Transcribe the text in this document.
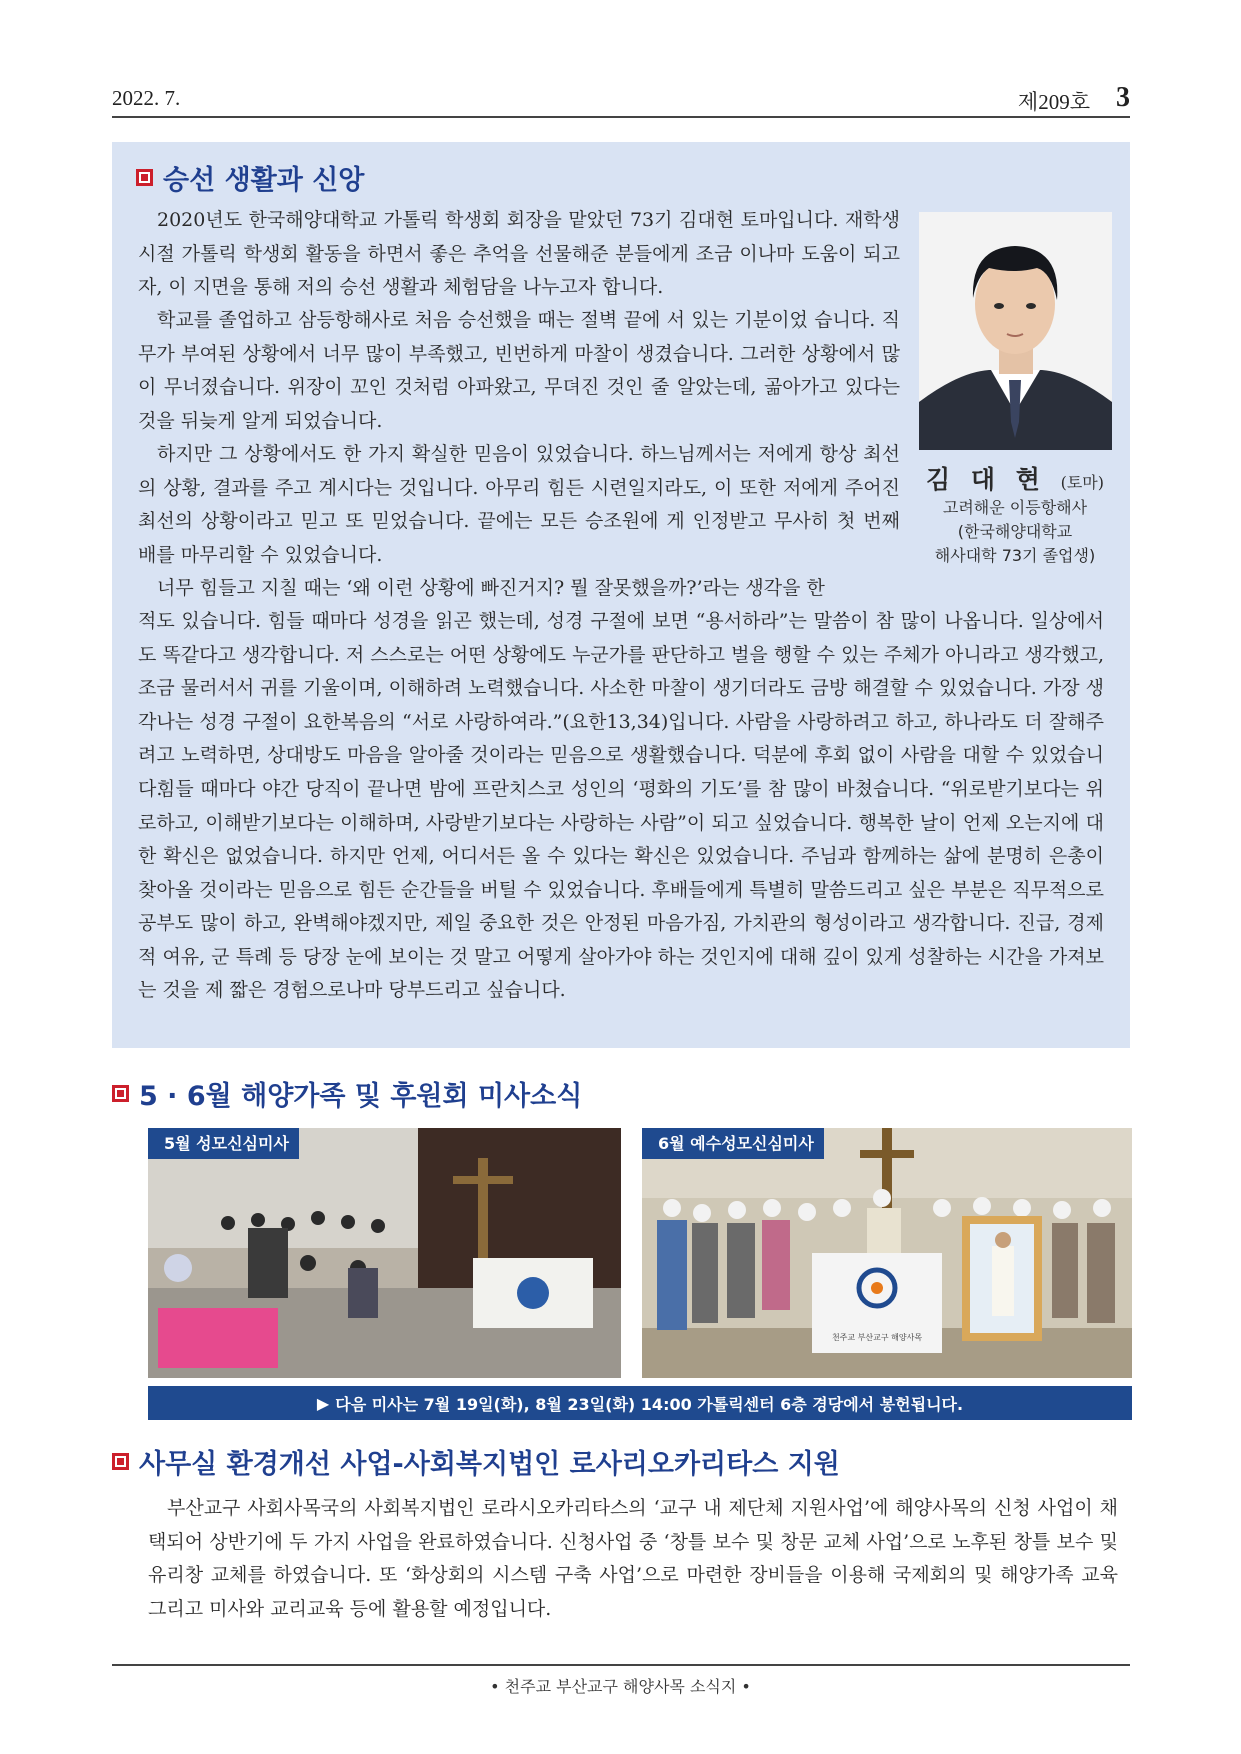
2022. 7.	제209호 3
승선 생활과 신앙

2020년도 한국해양대학교 가톨릭 학생회 회장을 맡았던 73기 김대현 토마입니다. 재학생 시절 가톨릭 학생회 활동을 하면서 좋은 추억을 선물해준 분들에게 조금 이나마 도움이 되고자, 이 지면을 통해 저의 승선 생활과 체험담을 나누고자 합니다.

학교를 졸업하고 삼등항해사로 처음 승선했을 때는 절벽 끝에 서 있는 기분이었 습니다. 직무가 부여된 상황에서 너무 많이 부족했고, 빈번하게 마찰이 생겼습니다. 그러한 상황에서 많이 무너졌습니다. 위장이 꼬인 것처럼 아파왔고, 무뎌진 것인 줄 알았는데, 곪아가고 있다는 것을 뒤늦게 알게 되었습니다.

하지만 그 상황에서도 한 가지 확실한 믿음이 있었습니다. 하느님께서는 저에게 항상 최선의 상황, 결과를 주고 계시다는 것입니다. 아무리 힘든 시련일지라도, 이 또한 저에게 주어진 최선의 상황이라고 믿고 또 믿었습니다. 끝에는 모든 승조원에 게 인정받고 무사히 첫 번째 배를 마무리할 수 있었습니다.

너무 힘들고 지칠 때는 ‘왜 이런 상황에 빠진거지? 뭘 잘못했을까?’라는 생각을 한

적도 있습니다. 힘들 때마다 성경을 읽곤 했는데, 성경 구절에 보면 “용서하라”는 말씀이 참 많이 나옵니다. 일상에서도 똑같다고 생각합니다. 저 스스로는 어떤 상황에도 누군가를 판단하고 벌을 행할 수 있는 주체가 아니라고 생각했고, 조금 물러서서 귀를 기울이며, 이해하려 노력했습니다. 사소한 마찰이 생기더라도 금방 해결할 수 있었습니다. 가장 생각나는 성경 구절이 요한복음의 “서로 사랑하여라.”(요한13,34)입니다. 사람을 사랑하려고 하고, 하나라도 더 잘해주려고 노력하면, 상대방도 마음을 알아줄 것이라는 믿음으로 생활했습니다. 덕분에 후회 없이 사람을 대할 수 있었습니다.

힘들 때마다 야간 당직이 끝나면 밤에 프란치스코 성인의 ‘평화의 기도’를 참 많이 바쳤습니다. “위로받기보다는 위로하고, 이해받기보다는 이해하며, 사랑받기보다는 사랑하는 사람”이 되고 싶었습니다. 행복한 날이 언제 오는지에 대한 확신은 없었습니다. 하지만 언제, 어디서든 올 수 있다는 확신은 있었습니다. 주님과 함께하는 삶에 분명히 은총이 찾아올 것이라는 믿음으로 힘든 순간들을 버틸 수 있었습니다. 후배들에게 특별히 말씀드리고 싶은 부분은 직무적으로 공부도 많이 하고, 완벽해야겠지만, 제일 중요한 것은 안정된 마음가짐, 가치관의 형성이라고 생각합니다. 진급, 경제적 여유, 군 특례 등 당장 눈에 보이는 것 말고 어떻게 살아가야 하는 것인지에 대해 깊이 있게 성찰하는 시간을 가져보는 것을 제 짧은 경험으로나마 당부드리고 싶습니다.

김 대 현 (토마)
고려해운 이등항해사
(한국해양대학교
해사대학 73기 졸업생)
5 · 6월 해양가족 및 후원회 미사소식
5월 성모신심미사	6월 예수성모신심미사
천주교 부산교구 해양사목
▶ 다음 미사는 7월 19일(화), 8월 23일(화) 14:00 가톨릭센터 6층 경당에서 봉헌됩니다.
사무실 환경개선 사업-사회복지법인 로사리오카리타스 지원

부산교구 사회사목국의 사회복지법인 로라시오카리타스의 ‘교구 내 제단체 지원사업’에 해양사목의 신청 사업이 채택되어 상반기에 두 가지 사업을 완료하였습니다. 신청사업 중 ‘창틀 보수 및 창문 교체 사업’으로 노후된 창틀 보수 및 유리창 교체를 하였습니다. 또 ‘화상회의 시스템 구축 사업’으로 마련한 장비들을 이용해 국제회의 및 해양가족 교육 그리고 미사와 교리교육 등에 활용할 예정입니다.

• 천주교 부산교구 해양사목 소식지 •
